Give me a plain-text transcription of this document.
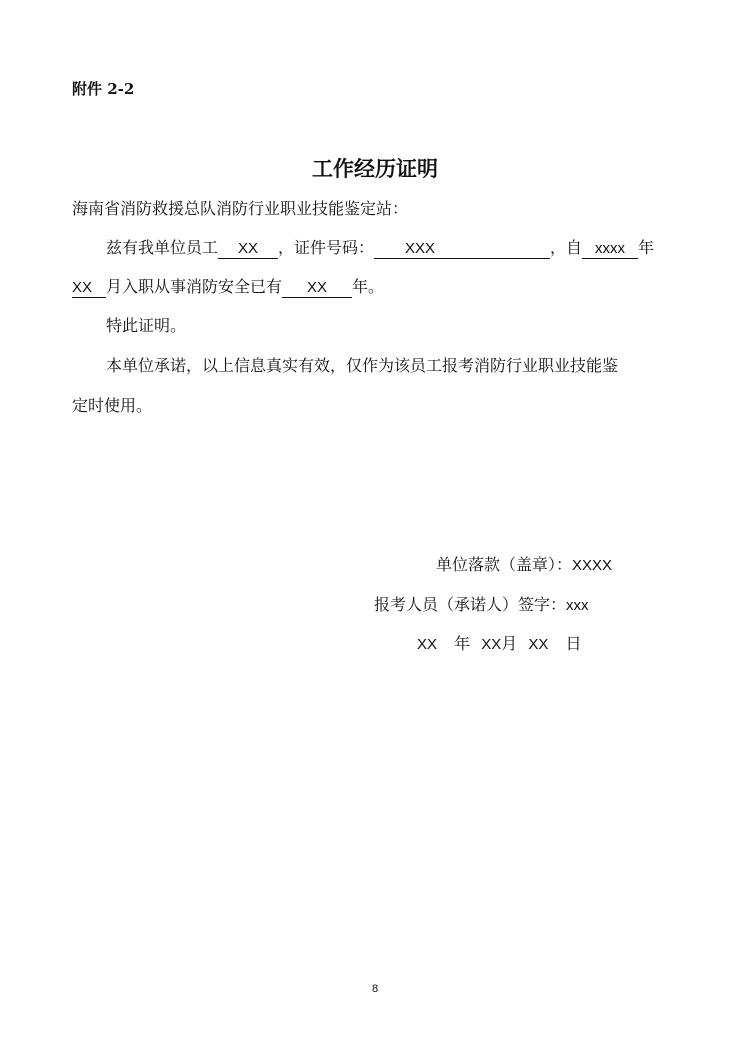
附件 2-2
工作经历证明
海南省消防救援总队消防行业职业技能鉴定站：
兹有我单位员工 XX ，证件号码： XXX	，自 xxxx 年
XX 月入职从事消防安全已有 XX 年。
特此证明。
本单位承诺，以上信息真实有效，仅作为该员工报考消防行业职业技能鉴
定时使用。
单位落款（盖章）：XXXX
报考人员（承诺人）签字：xxx
XX 年 XX月 XX 日
8
